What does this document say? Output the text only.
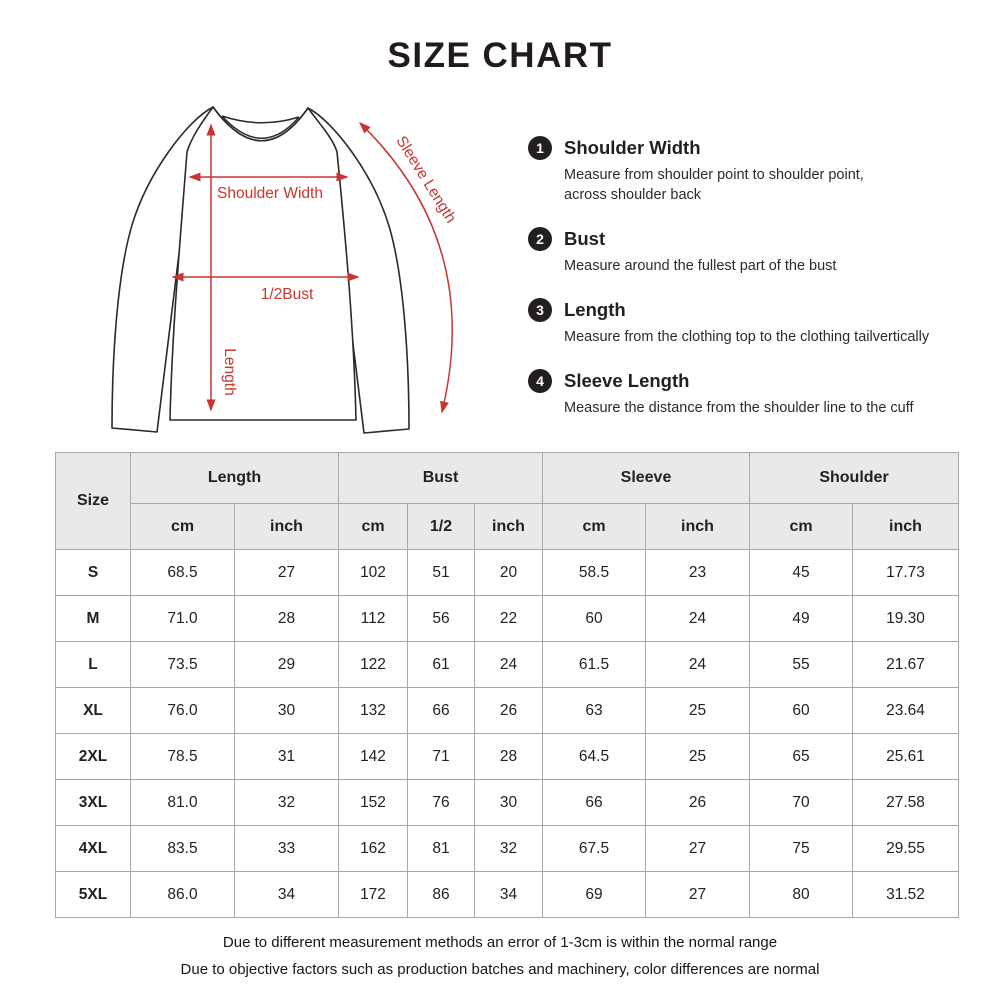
SIZE CHART
Shoulder Width
1/2Bust
Length
Sleeve Length	1	Shoulder Width
Measure from shoulder point to shoulder point,
across shoulder back
2	Bust
Measure around the fullest part of the bust
3	Length
Measure from the clothing top to the clothing tailvertically
4	Sleeve Length
Measure the distance from the shoulder line to the cuff
Size	Length		Bust			Sleeve		Shoulder	
	cm	inch	cm	1/2	inch	cm	inch	cm	inch
S	68.5	27	102	51	20	58.5	23	45	17.73
M	71.0	28	112	56	22	60	24	49	19.30
L	73.5	29	122	61	24	61.5	24	55	21.67
XL	76.0	30	132	66	26	63	25	60	23.64
2XL	78.5	31	142	71	28	64.5	25	65	25.61
3XL	81.0	32	152	76	30	66	26	70	27.58
4XL	83.5	33	162	81	32	67.5	27	75	29.55
5XL	86.0	34	172	86	34	69	27	80	31.52
Due to different measurement methods an error of 1-3cm is within the normal range
Due to objective factors such as production batches and machinery, color differences are normal
